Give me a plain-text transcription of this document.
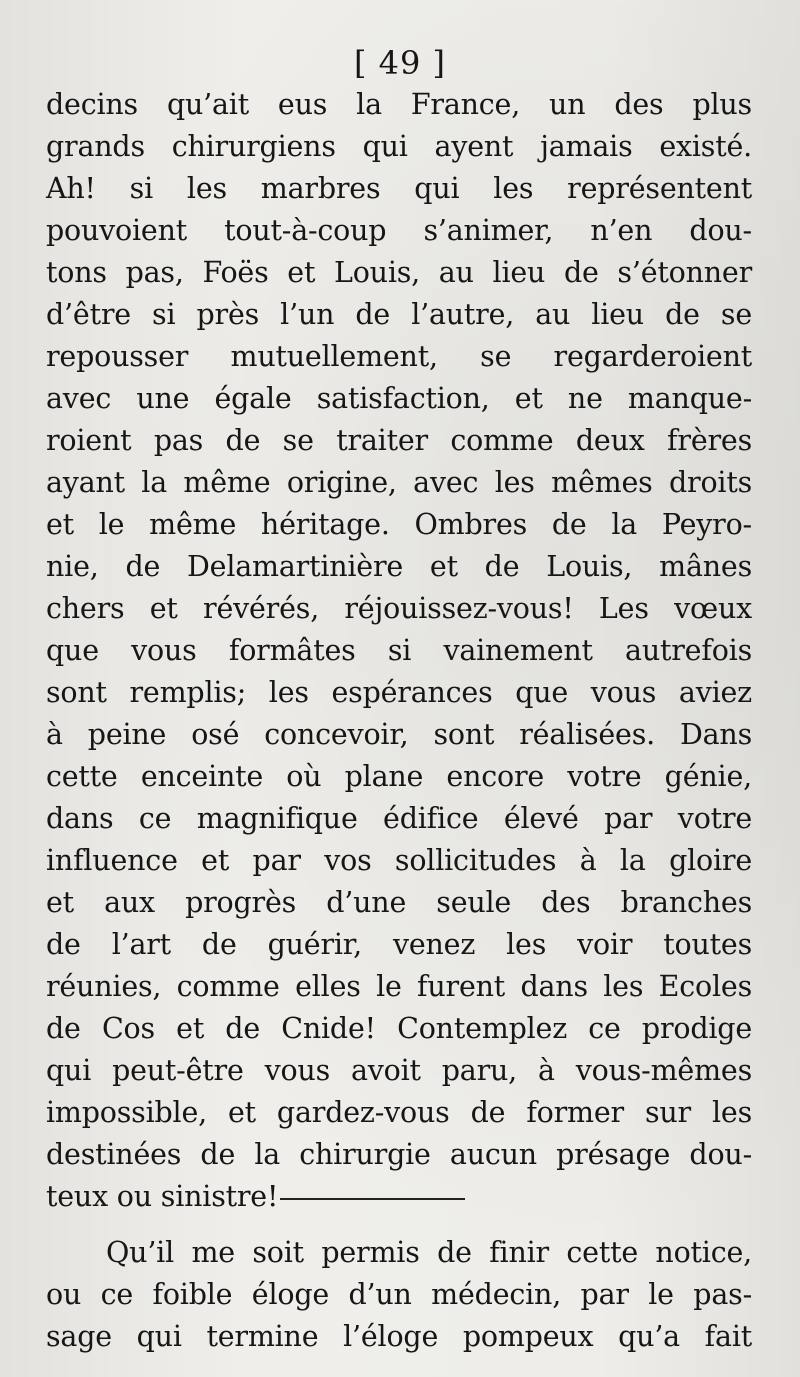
[ 49 ]
decins qu’ait eus la France, un des plus
grands chirurgiens qui ayent jamais existé.
Ah! si les marbres qui les représentent
pouvoient tout-à-coup s’animer, n’en dou-
tons pas, Foës et Louis, au lieu de s’étonner
d’être si près l’un de l’autre, au lieu de se
repousser mutuellement, se regarderoient
avec une égale satisfaction, et ne manque-
roient pas de se traiter comme deux frères
ayant la même origine, avec les mêmes droits
et le même héritage. Ombres de la Peyro-
nie, de Delamartinière et de Louis, mânes
chers et révérés, réjouissez-vous! Les vœux
que vous formâtes si vainement autrefois
sont remplis; les espérances que vous aviez
à peine osé concevoir, sont réalisées. Dans
cette enceinte où plane encore votre génie,
dans ce magnifique édifice élevé par votre
influence et par vos sollicitudes à la gloire
et aux progrès d’une seule des branches
de l’art de guérir, venez les voir toutes
réunies, comme elles le furent dans les Ecoles
de Cos et de Cnide! Contemplez ce prodige
qui peut-être vous avoit paru, à vous-mêmes
impossible, et gardez-vous de former sur les
destinées de la chirurgie aucun présage dou-
teux ou sinistre!
Qu’il me soit permis de finir cette notice,
ou ce foible éloge d’un médecin, par le pas-
sage qui termine l’éloge pompeux qu’a fait
